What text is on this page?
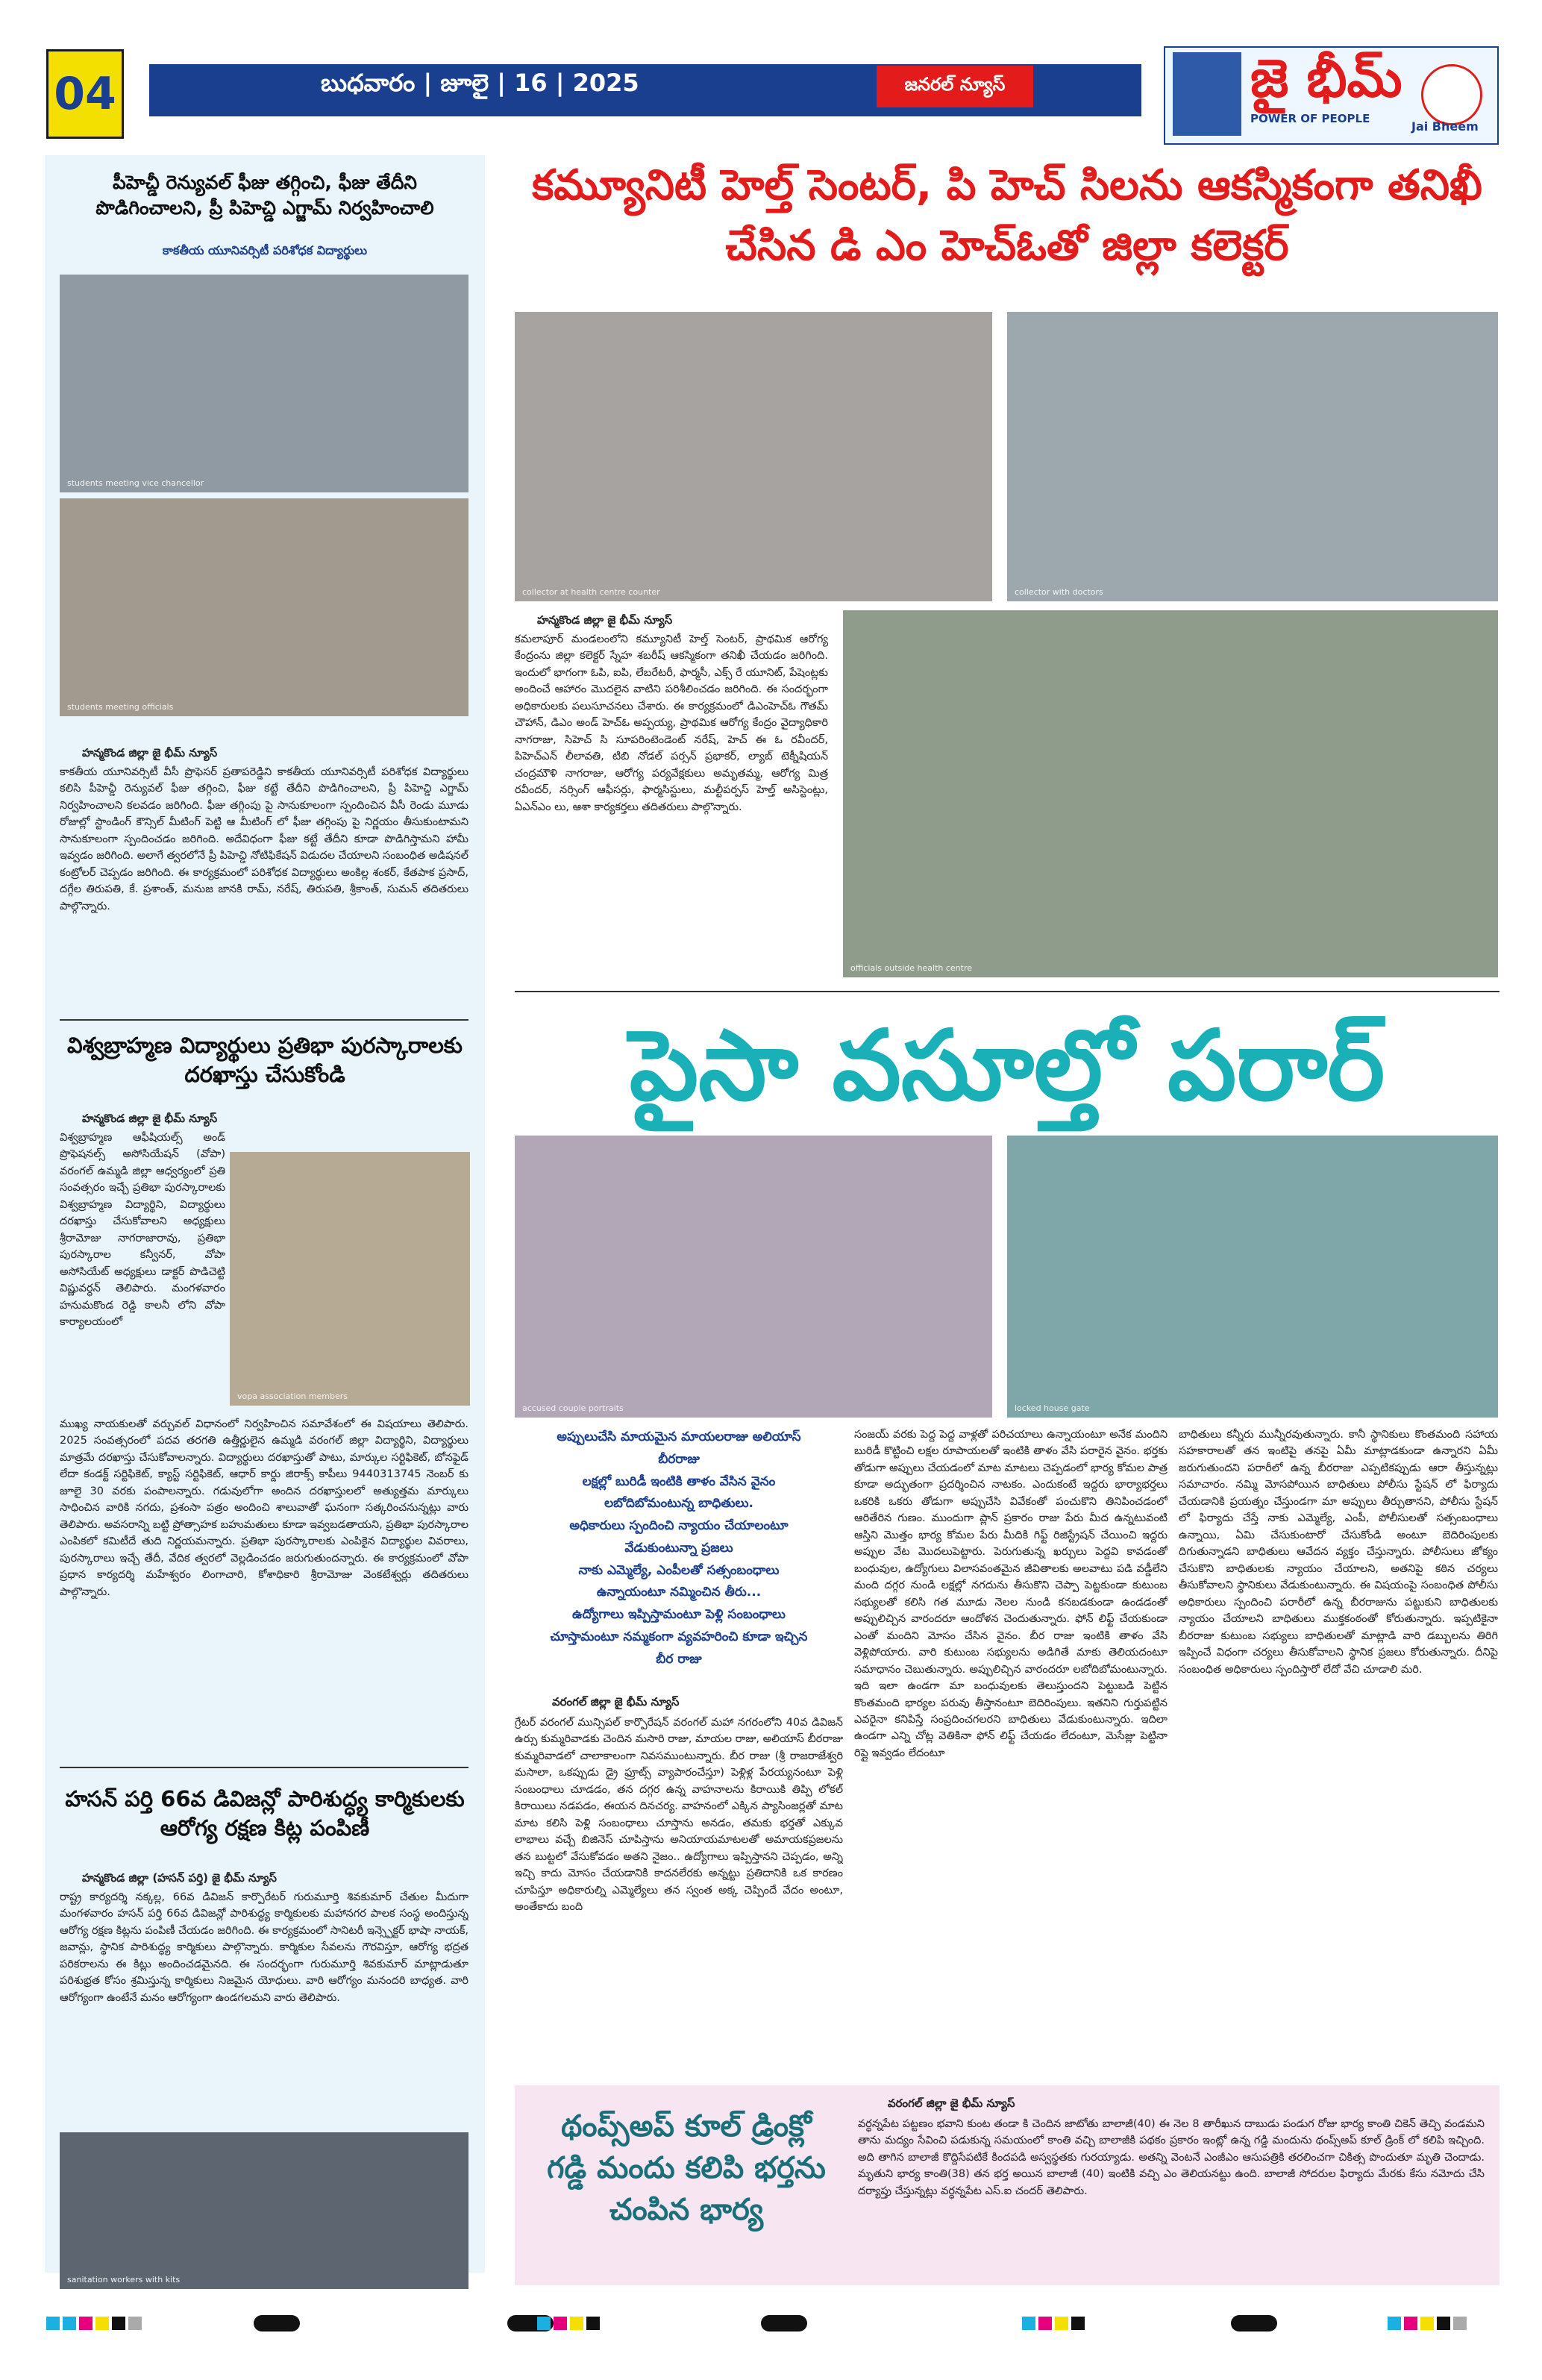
04	బుధవారం | జూలై | 16 | 2025	జనరల్ న్యూస్	జై భీమ్
POWER OF PEOPLE
Jai Bheem
పీహెచ్డీ రెన్యువల్ ఫీజు తగ్గించి, ఫీజు తేదీని పొడిగించాలని, ప్రీ పిహెచ్డి ఎగ్జామ్ నిర్వహించాలి
కాకతీయ యూనివర్సిటీ పరిశోధక విద్యార్థులు
students meeting vice chancellor
students meeting officials
హన్మకొండ జిల్లా జై భీమ్ న్యూస్
కాకతీయ యూనివర్సిటీ వీసీ ప్రొఫెసర్ ప్రతాపరెడ్డిని కాకతీయ యూనివర్సిటీ పరిశోధక విద్యార్థులు కలిసి పీహెచ్డీ రెన్యువల్ ఫీజు తగ్గించి, ఫీజు కట్టే తేదీని పొడిగించాలని, ప్రీ పిహెచ్డి ఎగ్జామ్ నిర్వహించాలని కలవడం జరిగింది. ఫీజు తగ్గింపు పై సానుకూలంగా స్పందించిన వీసీ రెండు మూడు రోజుల్లో స్టాండింగ్ కౌన్సిల్ మీటింగ్ పెట్టి ఆ మీటింగ్ లో ఫీజు తగ్గింపు పై నిర్ణయం తీసుకుంటామని సానుకూలంగా స్పందించడం జరిగింది. అదేవిధంగా ఫీజు కట్టే తేదీని కూడా పొడిగిస్తామని హామీ ఇవ్వడం జరిగింది. అలాగే త్వరలోనే ప్రీ పిహెచ్డి నోటిఫికేషన్ విడుదల చేయాలని సంబంధిత అడిషనల్ కంట్రోలర్ చెప్పడం జరిగింది. ఈ కార్యక్రమంలో పరిశోధక విద్యార్థులు అంకిల్ల శంకర్, కేతపాక ప్రసాద్, దగ్గేల తిరుపతి, కే. ప్రశాంత్, మనుజ జానకి రామ్, నరేష్, తిరుపతి, శ్రీకాంత్, సుమన్ తదితరులు పాల్గొన్నారు.
విశ్వబ్రాహ్మణ విద్యార్థులు ప్రతిభా పురస్కారాలకు దరఖాస్తు చేసుకోండి
హన్మకొండ జిల్లా జై భీమ్ న్యూస్
విశ్వబ్రాహ్మణ ఆఫీషియల్స్ అండ్ ప్రొఫెషనల్స్ అసోసియేషన్ (వోపా) వరంగల్ ఉమ్మడి జిల్లా ఆధ్వర్యంలో ప్రతి సంవత్సరం ఇచ్చే ప్రతిభా పురస్కారాలకు విశ్వబ్రాహ్మణ విద్యార్థిని, విద్యార్థులు దరఖాస్తు చేసుకోవాలని అధ్యక్షులు శ్రీరామోజు నాగరాజారావు, ప్రతిభా పురస్కారాల కన్వీనర్, వోపా అసోసియేట్ అధ్యక్షులు డాక్టర్ పొడిచెట్టి విష్ణువర్ధన్ తెలిపారు. మంగళవారం హనుమకొండ రెడ్డి కాలనీ లోని వోపా కార్యాలయంలో
vopa association members
ముఖ్య నాయకులతో వర్చువల్ విధానంలో నిర్వహించిన సమావేశంలో ఈ విషయాలు తెలిపారు. 2025 సంవత్సరంలో పదవ తరగతి ఉత్తీర్ణులైన ఉమ్మడి వరంగల్ జిల్లా విద్యార్థిని, విద్యార్థులు మాత్రమే దరఖాస్తు చేసుకోవాలన్నారు. విద్యార్థులు దరఖాస్తుతో పాటు, మార్కుల సర్టిఫికెట్, బోనఫైడ్ లేదా కండక్ట్ సర్టిఫికెట్, క్యాస్ట్ సర్టిఫికెట్, ఆధార్ కార్డు జిరాక్స్ కాపీలు 9440313745 నెంబర్ కు జూలై 30 వరకు పంపాలన్నారు. గడువులోగా అందిన దరఖాస్తులలో అత్యుత్తమ మార్కులు సాధించిన వారికి నగదు, ప్రశంసా పత్రం అందించి శాలువాతో ఘనంగా సత్కరించనున్నట్లు వారు తెలిపారు. అవసరాన్ని బట్టి ప్రోత్సాహక బహుమతులు కూడా ఇవ్వబడతాయని, ప్రతిభా పురస్కారాల ఎంపికలో కమిటీదే తుది నిర్ణయమన్నారు. ప్రతిభా పురస్కారాలకు ఎంపికైన విద్యార్థుల వివరాలు, పురస్కారాలు ఇచ్చే తేదీ, వేదిక త్వరలో వెల్లడించడం జరుగుతుందన్నారు. ఈ కార్యక్రమంలో వోపా ప్రధాన కార్యదర్శి మహేశ్వరం లింగాచారి, కోశాధికారి శ్రీరామోజు వెంకటేశ్వర్లు తదితరులు పాల్గొన్నారు.
హసన్ పర్తి 66వ డివిజన్లో పారిశుద్ధ్య కార్మికులకు ఆరోగ్య రక్షణ కిట్ల పంపిణీ
హన్మకొండ జిల్లా (హసన్ పర్తి) జై భీమ్ న్యూస్
రాష్ట్ర కార్యదర్శి నక్కల్ల, 66వ డివిజన్ కార్పొరేటర్ గురుమూర్తి శివకుమార్ చేతుల మీదుగా మంగళవారం హసన్ పర్తి 66వ డివిజన్లో పారిశుద్ధ్య కార్మికులకు మహానగర పాలక సంస్థ అందిస్తున్న ఆరోగ్య రక్షణ కిట్లను పంపిణీ చేయడం జరిగింది. ఈ కార్యక్రమంలో సానిటరీ ఇన్స్పెక్టర్ భాషా నాయక్, జవాన్లు, స్థానిక పారిశుద్ధ్య కార్మికులు పాల్గొన్నారు. కార్మికుల సేవలను గౌరవిస్తూ, ఆరోగ్య భద్రత పరికరాలను ఈ కిట్లు అందించడమైనది. ఈ సందర్భంగా గురుమూర్తి శివకుమార్ మాట్లాడుతూ పరిశుభ్రత కోసం శ్రమిస్తున్న కార్మికులు నిజమైన యోధులు. వారి ఆరోగ్యం మనందరి బాధ్యత. వారి ఆరోగ్యంగా ఉంటేనే మనం ఆరోగ్యంగా ఉండగలమని వారు తెలిపారు.
sanitation workers with kits
కమ్యూనిటీ హెల్త్ సెంటర్, పి హెచ్ సిలను ఆకస్మికంగా తనిఖీ చేసిన డి ఎం హెచ్ఓతో జిల్లా కలెక్టర్
collector at health centre counter	collector with doctors
హన్మకొండ జిల్లా జై భీమ్ న్యూస్
కమలాపూర్ మండలంలోని కమ్యూనిటీ హెల్త్ సెంటర్, ప్రాథమిక ఆరోగ్య కేంద్రంను జిల్లా కలెక్టర్ స్నేహ శబరీష్ ఆకస్మికంగా తనిఖీ చేయడం జరిగింది. ఇందులో భాగంగా ఓపి, ఐపి, లేబరేటరీ, ఫార్మసీ, ఎక్స్ రే యూనిట్, పేషెంట్లకు అందించే ఆహారం మొదలైన వాటిని పరిశీలించడం జరిగింది. ఈ సందర్భంగా అధికారులకు పలుసూచనలు చేశారు. ఈ కార్యక్రమంలో డిఎంహెచ్ఓ గౌతమ్ చౌహాన్, డిఎం అండ్ హెచ్ఓ అప్పయ్య, ప్రాథమిక ఆరోగ్య కేంద్రం వైద్యాధికారి నాగరాజు, సిహెచ్ సి సూపరింటెండెంట్ నరేష్, హెచ్ ఈ ఓ రవీందర్, పిహెచ్ఎన్ లీలావతి, టిబి నోడల్ పర్సన్ ప్రభాకర్, ల్యాబ్ టెక్నీషియన్ చంద్రమౌళి నాగరాజు, ఆరోగ్య పర్యవేక్షకులు అమృతమ్మ, ఆరోగ్య మిత్ర రవీందర్, నర్సింగ్ ఆఫీసర్లు, ఫార్మసిస్టులు, మల్టీపర్పస్ హెల్త్ అసిస్టెంట్లు, ఏఎన్ఎం లు, ఆశా కార్యకర్తలు తదితరులు పాల్గొన్నారు.
officials outside health centre
పైసా వసూల్తో పరార్
accused couple portraits	locked house gate
అప్పులుచేసి మాయమైన మాయలరాజు అలియాస్
బీరరాజు
లక్షల్లో బురిడీ ఇంటికి తాళం వేసిన వైనం
లబోదిబోమంటున్న బాధితులు.
అధికారులు స్పందించి న్యాయం చేయాలంటూ
వేడుకుంటున్నా ప్రజలు
నాకు ఎమ్మెల్యే, ఎంపీలతో సత్సంబంధాలు
ఉన్నాయంటూ నమ్మించిన తీరు...
ఉద్యోగాలు ఇప్పిస్తామంటూ పెళ్లి సంబంధాలు
చూస్తామంటూ నమ్మకంగా వ్యవహరించి కూడా ఇచ్చిన
బీర రాజు
వరంగల్ జిల్లా జై భీమ్ న్యూస్
గ్రేటర్ వరంగల్ మున్సిపల్ కార్పొరేషన్ వరంగల్ మహా నగరంలోని 40వ డివిజన్ ఉర్సు కుమ్మరివాడకు చెందిన మసారి రాజు, మాయల రాజు, అలియాస్ బీరరాజు కుమ్మరివాడలో చాలాకాలంగా నివసముంటున్నారు. బీర రాజు (శ్రీ రాజరాజేశ్వరి మసాలా, ఒకప్పుడు డ్రై ఫ్రూట్స్ వ్యాపారంచేస్తూ) పెళ్లిళ్ల పేరయ్యనంటూ పెళ్లి సంబంధాలు చూడడం, తన దగ్గర ఉన్న వాహనాలను కిరాయికి తిప్పి లోకల్ కిరాయిలు నడపడం, ఈయన దినచర్య. వాహనంలో ఎక్కిన ప్యాసింజర్లతో మాట మాట కలిసి పెళ్లి సంబంధాలు చూస్తాను అనడం, తమకు భర్తతో ఎక్కువ లాభాలు వచ్చే బిజినెస్ చూపిస్తాను అనియాయమాటలతో అమాయకప్రజలను తన బుట్టలో వేసుకోవడం అతని నైజం.. ఉద్యోగాలు ఇప్పిస్తానని చెప్పడం, అన్ని ఇచ్చి కాదు మోసం చేయడానికి కాదనలేరకు అన్నట్టు ప్రతిదానికి ఒక కారణం చూపిస్తూ అధికారుల్ని ఎమ్మెల్యేలు తన స్వంత అక్క చెప్పిందే వేదం అంటూ, అంతేకాదు బంది
సంజయ్ వరకు పెద్ద పెద్ద వాళ్లతో పరిచయాలు ఉన్నాయంటూ అనేక మందిని బురిడీ కొట్టించి లక్షల రూపాయలతో ఇంటికి తాళం వేసి పరారైన వైనం. భర్తకు తోడుగా అప్పులు చేయడంలో మాట మాటలు చెప్పడంలో భార్య కోమల పాత్ర కూడా అద్భుతంగా ప్రదర్శించిన నాటకం. ఎందుకంటే ఇద్దరు భార్యాభర్తలు ఒకరికి ఒకరు తోడుగా అప్పుచేసి వివేకంతో పంచుకొని తినిపించడంలో ఆరితేరిన గుణం. ముందుగా ప్లాన్ ప్రకారం రాజు పేరు మీద ఉన్నటువంటి ఆస్తిని మొత్తం భార్య కోమల పేరు మీదికి గిఫ్ట్ రిజిస్ట్రేషన్ చేయించి ఇద్దరు అప్పుల వేట మొదలుపెట్టారు. పెరుగుతున్న ఖర్చులు పెద్దవి కావడంతో బంధువుల, ఉద్యోగులు విలాసవంతమైన జీవితాలకు అలవాటు పడి వడ్డీలేని మంది దగ్గర నుండి లక్షల్లో నగదును తీసుకొని చెప్పా పెట్టకుండా కుటుంబ సభ్యులతో కలిసి గత మూడు నెలల నుండి కనబడకుండా ఉండడంతో అప్పులిచ్చిన వారందరూ ఆందోళన చెందుతున్నారు. ఫోన్ లిఫ్ట్ చేయకుండా ఎంతో మందిని మోసం చేసిన వైనం. బీర రాజు ఇంటికి తాళం వేసి వెళ్లిపోయారు. వారి కుటుంబ సభ్యులను అడిగితే మాకు తెలియదంటూ సమాధానం చెబుతున్నారు. అప్పులిచ్చిన వారందరూ లబోదిబోమంటున్నారు. ఇది ఇలా ఉండగా మా బంధువులకు తెలుస్తుందని పెట్టుబడి పెట్టిన కొంతమంది భార్యల పరువు తీస్తానంటూ బెదిరింపులు. ఇతనిని గుర్తుపట్టిన ఎవరైనా కనిపిస్తే సంప్రదించగలరని బాధితులు వేడుకుంటున్నారు. ఇదిలా ఉండగా ఎన్ని చోట్ల వెతికినా ఫోన్ లిఫ్ట్ చేయడం లేదంటూ, మెసేజ్లు పెట్టినా రిప్లై ఇవ్వడం లేదంటూ
బాధితులు కన్నీరు మున్నీరవుతున్నారు. కానీ స్థానికులు కొంతమంది సహాయ సహకారాలతో తన ఇంటిపై తనపై ఏమీ మాట్లాడకుండా ఉన్నారని ఏమీ జరుగుతుందని పరారీలో ఉన్న బీరరాజు ఎప్పటికప్పుడు ఆరా తీస్తున్నట్లు సమాచారం. నమ్మి మోసపోయిన బాధితులు పోలీసు స్టేషన్ లో ఫిర్యాదు చేయడానికి ప్రయత్నం చేస్తుండగా మా అప్పులు తీర్చుతానని, పోలీసు స్టేషన్ లో ఫిర్యాదు చేస్తే నాకు ఎమ్మెల్యే, ఎంపీ, పోలీసులతో సత్సంబంధాలు ఉన్నాయి, ఏమి చేసుకుంటారో చేసుకోండి అంటూ బెదిరింపులకు దిగుతున్నాడని బాధితులు ఆవేదన వ్యక్తం చేస్తున్నారు. పోలీసులు జోక్యం చేసుకొని బాధితులకు న్యాయం చేయాలని, అతనిపై కఠిన చర్యలు తీసుకోవాలని స్థానికులు వేడుకుంటున్నారు. ఈ విషయంపై సంబంధిత పోలీసు అధికారులు స్పందించి పరారీలో ఉన్న బీరరాజును పట్టుకుని బాధితులకు న్యాయం చేయాలని బాధితులు ముక్తకంఠంతో కోరుతున్నారు. ఇప్పటికైనా బీరరాజు కుటుంబ సభ్యులు బాధితులతో మాట్లాడి వారి డబ్బులను తిరిగి ఇప్పించే విధంగా చర్యలు తీసుకోవాలని స్థానిక ప్రజలు కోరుతున్నారు. దీనిపై సంబంధిత అధికారులు స్పందిస్తారో లేదో వేచి చూడాలి మరి.
థంప్స్అప్ కూల్ డ్రింక్లో గడ్డి మందు కలిపి భర్తను చంపిన భార్య
వరంగల్ జిల్లా జై భీమ్ న్యూస్
వర్ధన్నపేట పట్టణం భవాని కుంట తండా కి చెందిన జాటోతు బాలాజీ(40) ఈ నెల 8 తారీఖున దాబుడు పండుగ రోజు భార్య కాంతి చికెన్ తెచ్చి వండమని తాను మద్యం సేవించి పడుకున్న సమయంలో కాంతి వచ్చి బాలాజీకి పథకం ప్రకారం ఇంట్లో ఉన్న గడ్డి మందును థంప్స్అప్ కూల్ డ్రింక్ లో కలిపి ఇచ్చింది. అది తాగిన బాలాజీ కొద్దిసేపటికే కిందపడి అస్వస్థతకు గురయ్యాడు. అతన్ని వెంటనే ఎంజీఎం ఆసుపత్రికి తరలించగా చికిత్స పొందుతూ మృతి చెందాడు. మృతుని భార్య కాంతి(38) తన భర్త అయిన బాలాజీ (40) ఇంటికి వచ్చి ఎం తెలియనట్టు ఉంది. బాలాజీ సోదరుల ఫిర్యాదు మేరకు కేసు నమోదు చేసి దర్యాప్తు చేస్తున్నట్లు వర్ధన్నపేట ఎస్.ఐ చందర్ తెలిపారు.
